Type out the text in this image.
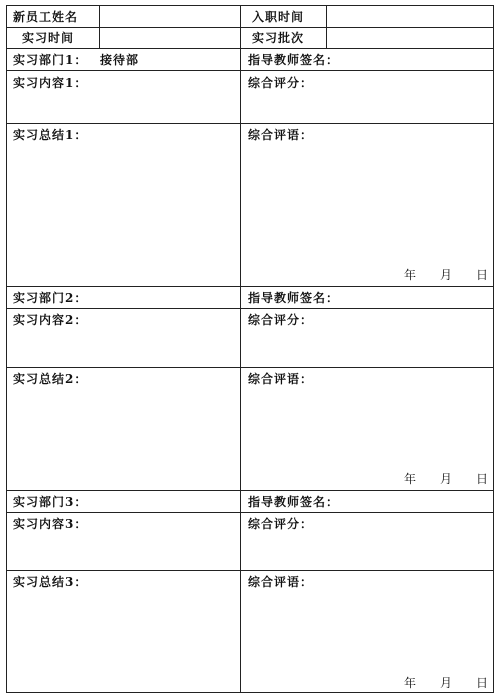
新员工姓名	入职时间
实习时间	实习批次
实习部门1： 接待部	指导教师签名：
实习内容1：	综合评分：
实习总结1：	综合评语：
年 月 日
实习部门2：	指导教师签名：
实习内容2：	综合评分：
实习总结2：	综合评语：
年 月 日
实习部门3：	指导教师签名：
实习内容3：	综合评分：
实习总结3：	综合评语：
年 月 日
